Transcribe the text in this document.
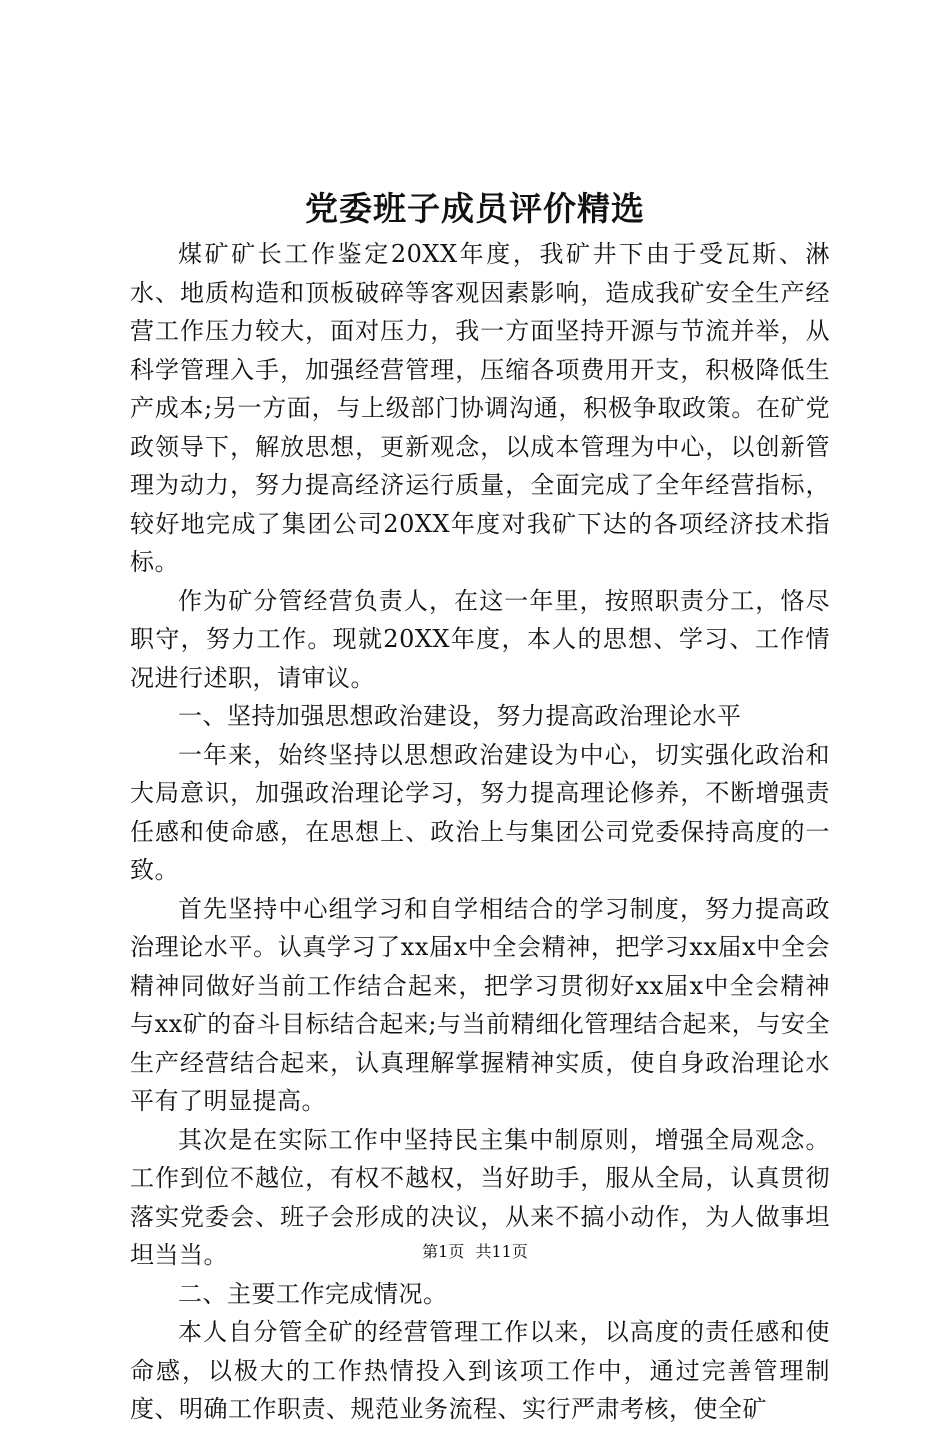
党委班子成员评价精选

煤矿矿长工作鉴定20XX年度，我矿井下由于受瓦斯、淋水、地质构造和顶板破碎等客观因素影响，造成我矿安全生产经营工作压力较大，面对压力，我一方面坚持开源与节流并举，从科学管理入手，加强经营管理，压缩各项费用开支，积极降低生产成本;另一方面，与上级部门协调沟通，积极争取政策。在矿党政领导下，解放思想，更新观念，以成本管理为中心，以创新管理为动力，努力提高经济运行质量，全面完成了全年经营指标，较好地完成了集团公司20XX年度对我矿下达的各项经济技术指标。

作为矿分管经营负责人，在这一年里，按照职责分工，恪尽职守，努力工作。现就20XX年度，本人的思想、学习、工作情况进行述职，请审议。

一、坚持加强思想政治建设，努力提高政治理论水平

一年来，始终坚持以思想政治建设为中心，切实强化政治和大局意识，加强政治理论学习，努力提高理论修养，不断增强责任感和使命感，在思想上、政治上与集团公司党委保持高度的一致。

首先坚持中心组学习和自学相结合的学习制度，努力提高政治理论水平。认真学习了xx届x中全会精神，把学习xx届x中全会精神同做好当前工作结合起来，把学习贯彻好xx届x中全会精神与xx矿的奋斗目标结合起来;与当前精细化管理结合起来，与安全生产经营结合起来，认真理解掌握精神实质，使自身政治理论水平有了明显提高。

其次是在实际工作中坚持民主集中制原则，增强全局观念。工作到位不越位，有权不越权，当好助手，服从全局，认真贯彻落实党委会、班子会形成的决议，从来不搞小动作，为人做事坦坦当当。

二、主要工作完成情况。

本人自分管全矿的经营管理工作以来，以高度的责任感和使命感，以极大的工作热情投入到该项工作中，通过完善管理制度、明确工作职责、规范业务流程、实行严肃考核，使全矿

第1页 共11页
